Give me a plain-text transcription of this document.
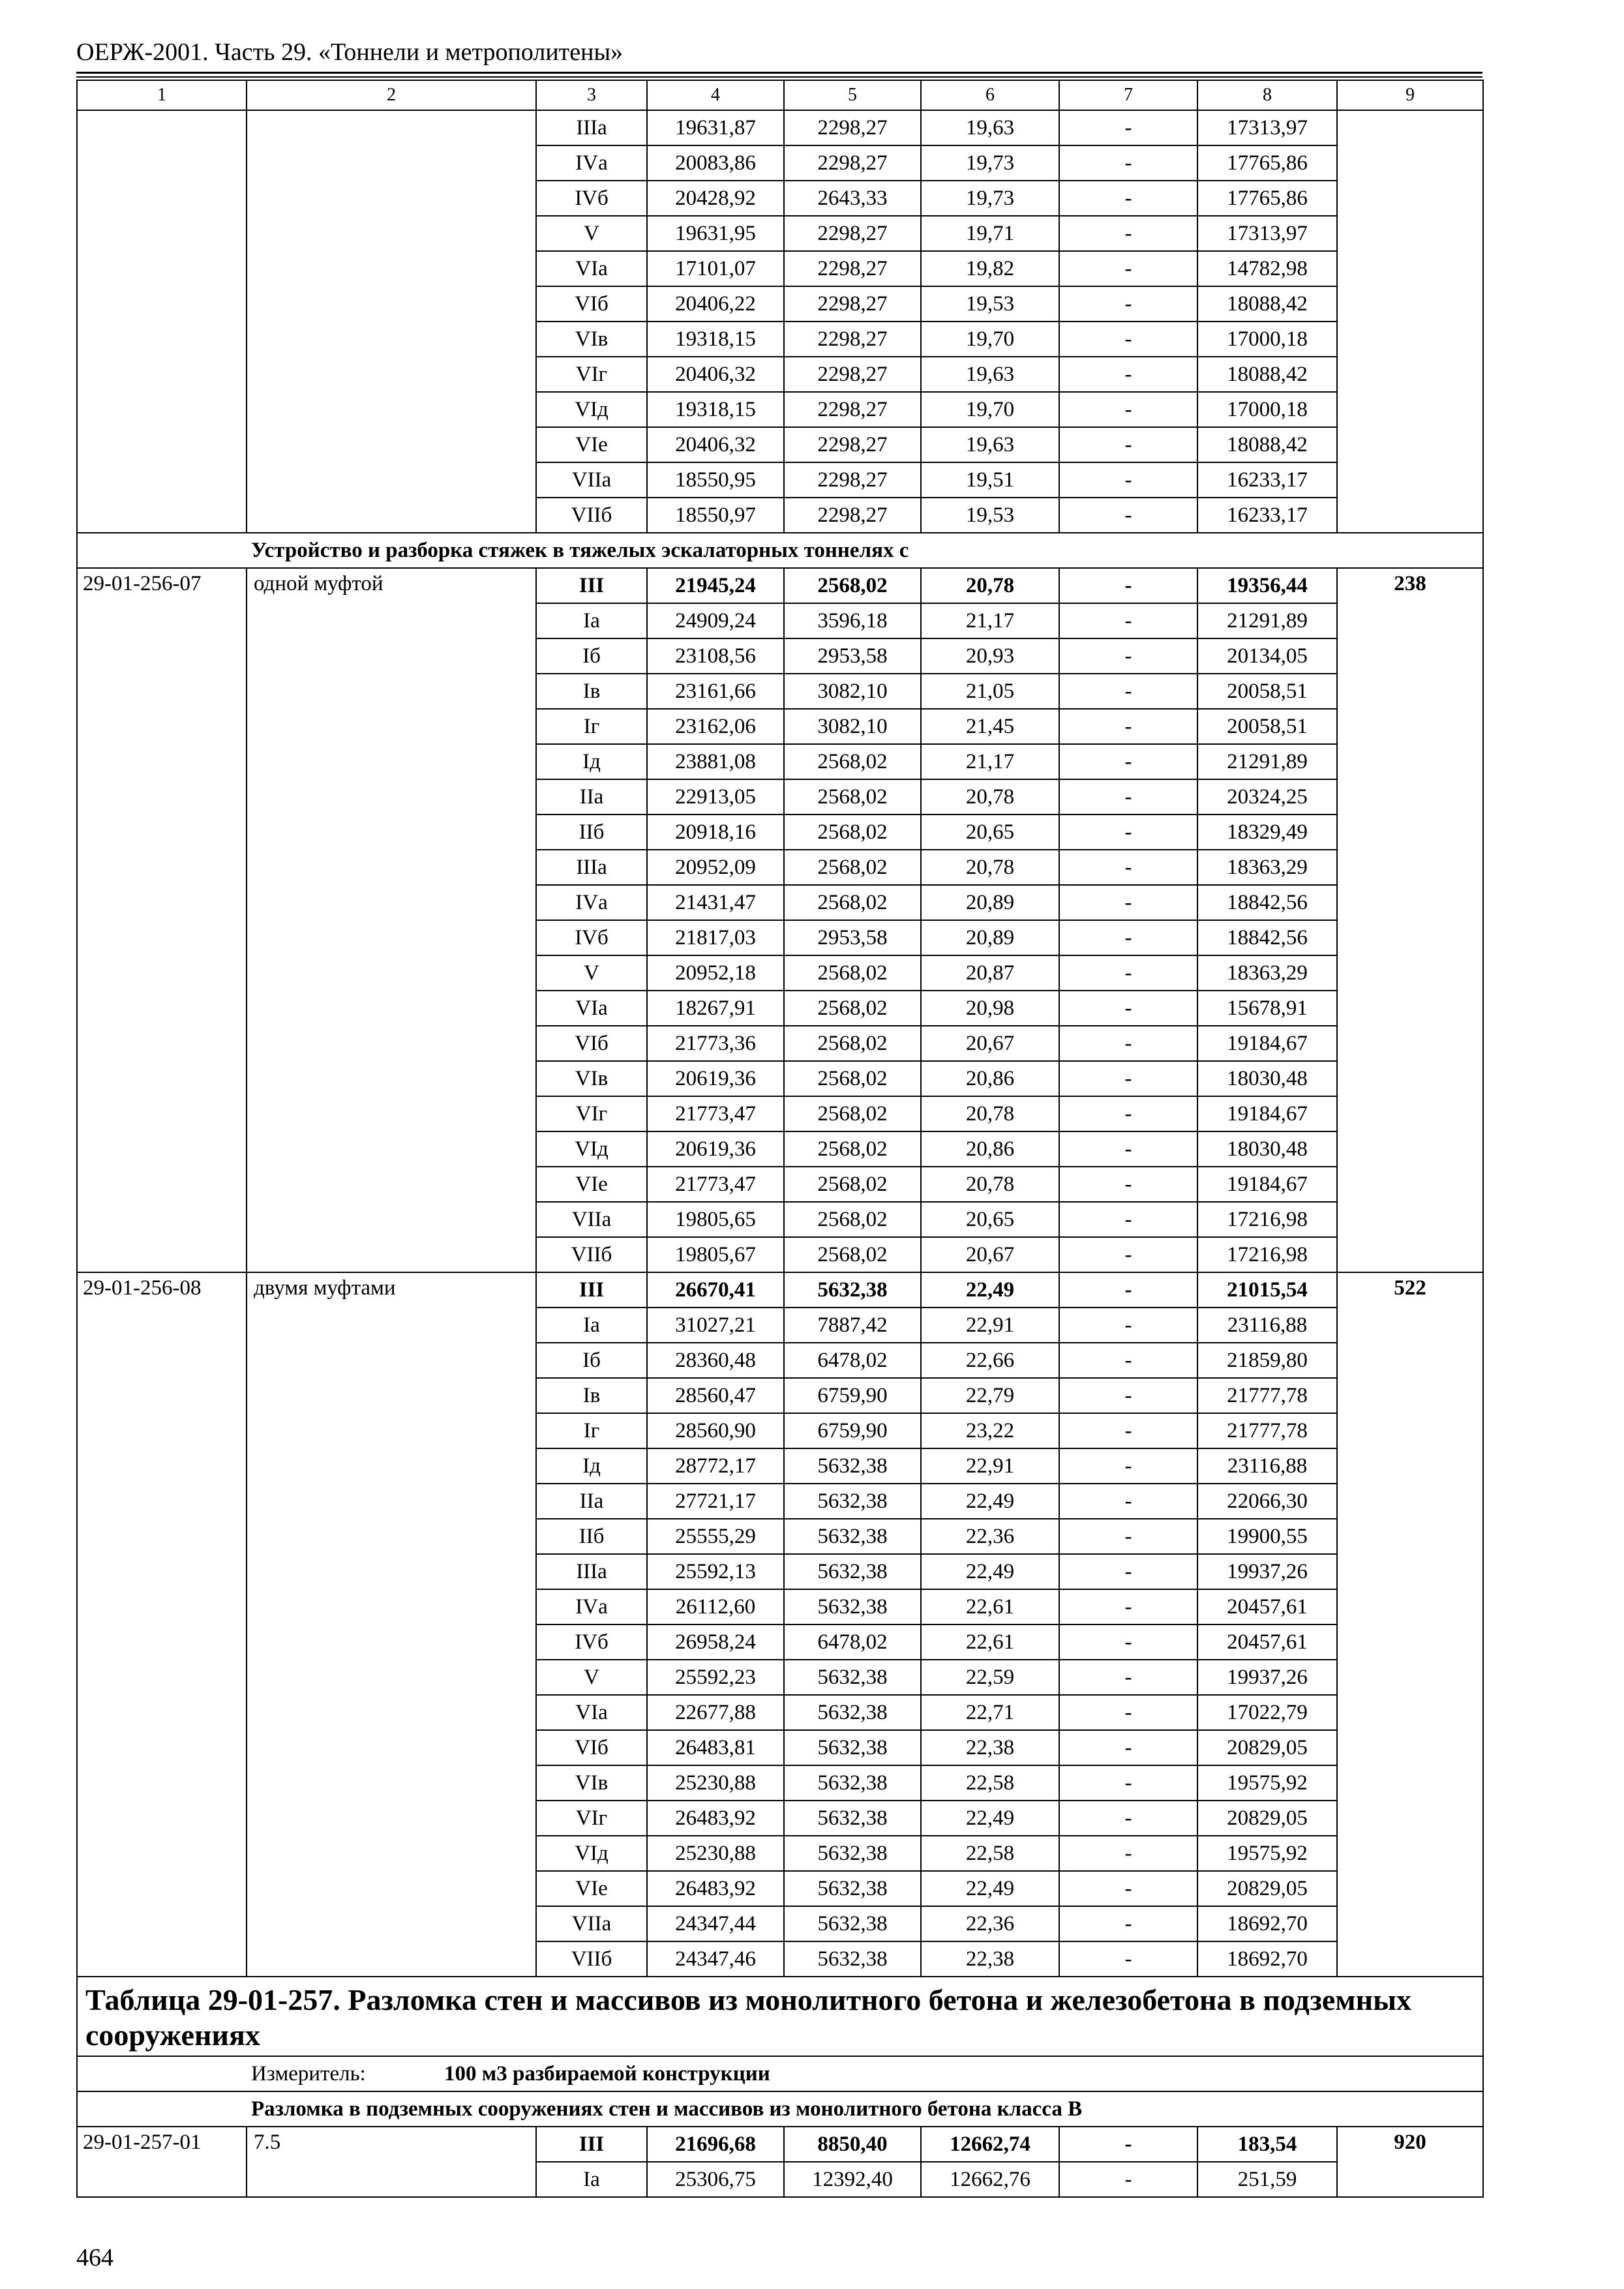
ОЕРЖ-2001. Часть 29. «Тоннели и метрополитены»
1	2	3	4	5	6	7	8	9
		IIIа	19631,87	2298,27	19,63	-	17313,97	
		IVа	20083,86	2298,27	19,73	-	17765,86	
		IVб	20428,92	2643,33	19,73	-	17765,86	
		V	19631,95	2298,27	19,71	-	17313,97	
		VIа	17101,07	2298,27	19,82	-	14782,98	
		VIб	20406,22	2298,27	19,53	-	18088,42	
		VIв	19318,15	2298,27	19,70	-	17000,18	
		VIг	20406,32	2298,27	19,63	-	18088,42	
		VIд	19318,15	2298,27	19,70	-	17000,18	
		VIе	20406,32	2298,27	19,63	-	18088,42	
		VIIа	18550,95	2298,27	19,51	-	16233,17	
		VIIб	18550,97	2298,27	19,53	-	16233,17	
Устройство и разборка стяжек в тяжелых эскалаторных тоннелях с								
29-01-256-07	одной муфтой	III	21945,24	2568,02	20,78	-	19356,44	238
		Iа	24909,24	3596,18	21,17	-	21291,89	
		Iб	23108,56	2953,58	20,93	-	20134,05	
		Iв	23161,66	3082,10	21,05	-	20058,51	
		Iг	23162,06	3082,10	21,45	-	20058,51	
		Iд	23881,08	2568,02	21,17	-	21291,89	
		IIа	22913,05	2568,02	20,78	-	20324,25	
		IIб	20918,16	2568,02	20,65	-	18329,49	
		IIIа	20952,09	2568,02	20,78	-	18363,29	
		IVа	21431,47	2568,02	20,89	-	18842,56	
		IVб	21817,03	2953,58	20,89	-	18842,56	
		V	20952,18	2568,02	20,87	-	18363,29	
		VIа	18267,91	2568,02	20,98	-	15678,91	
		VIб	21773,36	2568,02	20,67	-	19184,67	
		VIв	20619,36	2568,02	20,86	-	18030,48	
		VIг	21773,47	2568,02	20,78	-	19184,67	
		VIд	20619,36	2568,02	20,86	-	18030,48	
		VIе	21773,47	2568,02	20,78	-	19184,67	
		VIIа	19805,65	2568,02	20,65	-	17216,98	
		VIIб	19805,67	2568,02	20,67	-	17216,98	
29-01-256-08	двумя муфтами	III	26670,41	5632,38	22,49	-	21015,54	522
		Iа	31027,21	7887,42	22,91	-	23116,88	
		Iб	28360,48	6478,02	22,66	-	21859,80	
		Iв	28560,47	6759,90	22,79	-	21777,78	
		Iг	28560,90	6759,90	23,22	-	21777,78	
		Iд	28772,17	5632,38	22,91	-	23116,88	
		IIа	27721,17	5632,38	22,49	-	22066,30	
		IIб	25555,29	5632,38	22,36	-	19900,55	
		IIIа	25592,13	5632,38	22,49	-	19937,26	
		IVа	26112,60	5632,38	22,61	-	20457,61	
		IVб	26958,24	6478,02	22,61	-	20457,61	
		V	25592,23	5632,38	22,59	-	19937,26	
		VIа	22677,88	5632,38	22,71	-	17022,79	
		VIб	26483,81	5632,38	22,38	-	20829,05	
		VIв	25230,88	5632,38	22,58	-	19575,92	
		VIг	26483,92	5632,38	22,49	-	20829,05	
		VIд	25230,88	5632,38	22,58	-	19575,92	
		VIе	26483,92	5632,38	22,49	-	20829,05	
		VIIа	24347,44	5632,38	22,36	-	18692,70	
		VIIб	24347,46	5632,38	22,38	-	18692,70	
Таблица 29-01-257. Разломка стен и массивов из монолитного бетона и железобетона в подземных сооружениях								
Измеритель: 100 м3 разбираемой конструкции								
Разломка в подземных сооружениях стен и массивов из монолитного бетона класса В								
29-01-257-01	7.5	III	21696,68	8850,40	12662,74	-	183,54	920
		Iа	25306,75	12392,40	12662,76	-	251,59	
464
